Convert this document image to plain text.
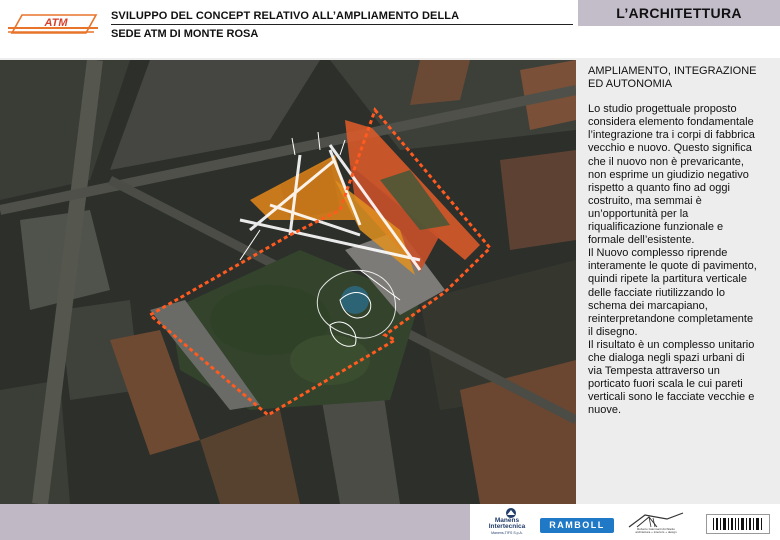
ATM
SVILUPPO DEL CONCEPT RELATIVO ALL’AMPLIAMENTO DELLA
SEDE ATM DI MONTE ROSA
L’ARCHITETTURA

AMPLIAMENTO, INTEGRAZIONE
ED AUTONOMIA

Lo studio progettuale proposto
considera elemento fondamentale
l’integrazione tra i corpi di fabbrica
vecchio e nuovo. Questo significa
che il nuovo non è prevaricante,
non esprime un giudizio negativo
rispetto a quanto fino ad oggi
costruito, ma semmai è
un’opportunità per la
riqualificazione funzionale e
formale dell’esistente.
Il Nuovo complesso riprende
interamente le quote di pavimento,
quindi ripete la partitura verticale
delle facciate riutilizzando lo
schema dei marcapiano,
reinterpretandone completamente
il disegno.
Il risultato è un complesso unitario
che dialoga negli spazi urbani di
via Tempesta attraverso un
porticato fuori scala le cui pareti
verticali sono le facciate vecchie e
nuove.

Manens
Intertecnica
Manens-TIFS S.p.A.
RAMBOLL	Roberto Gianmarti Architetto
architettura + interiors + design
